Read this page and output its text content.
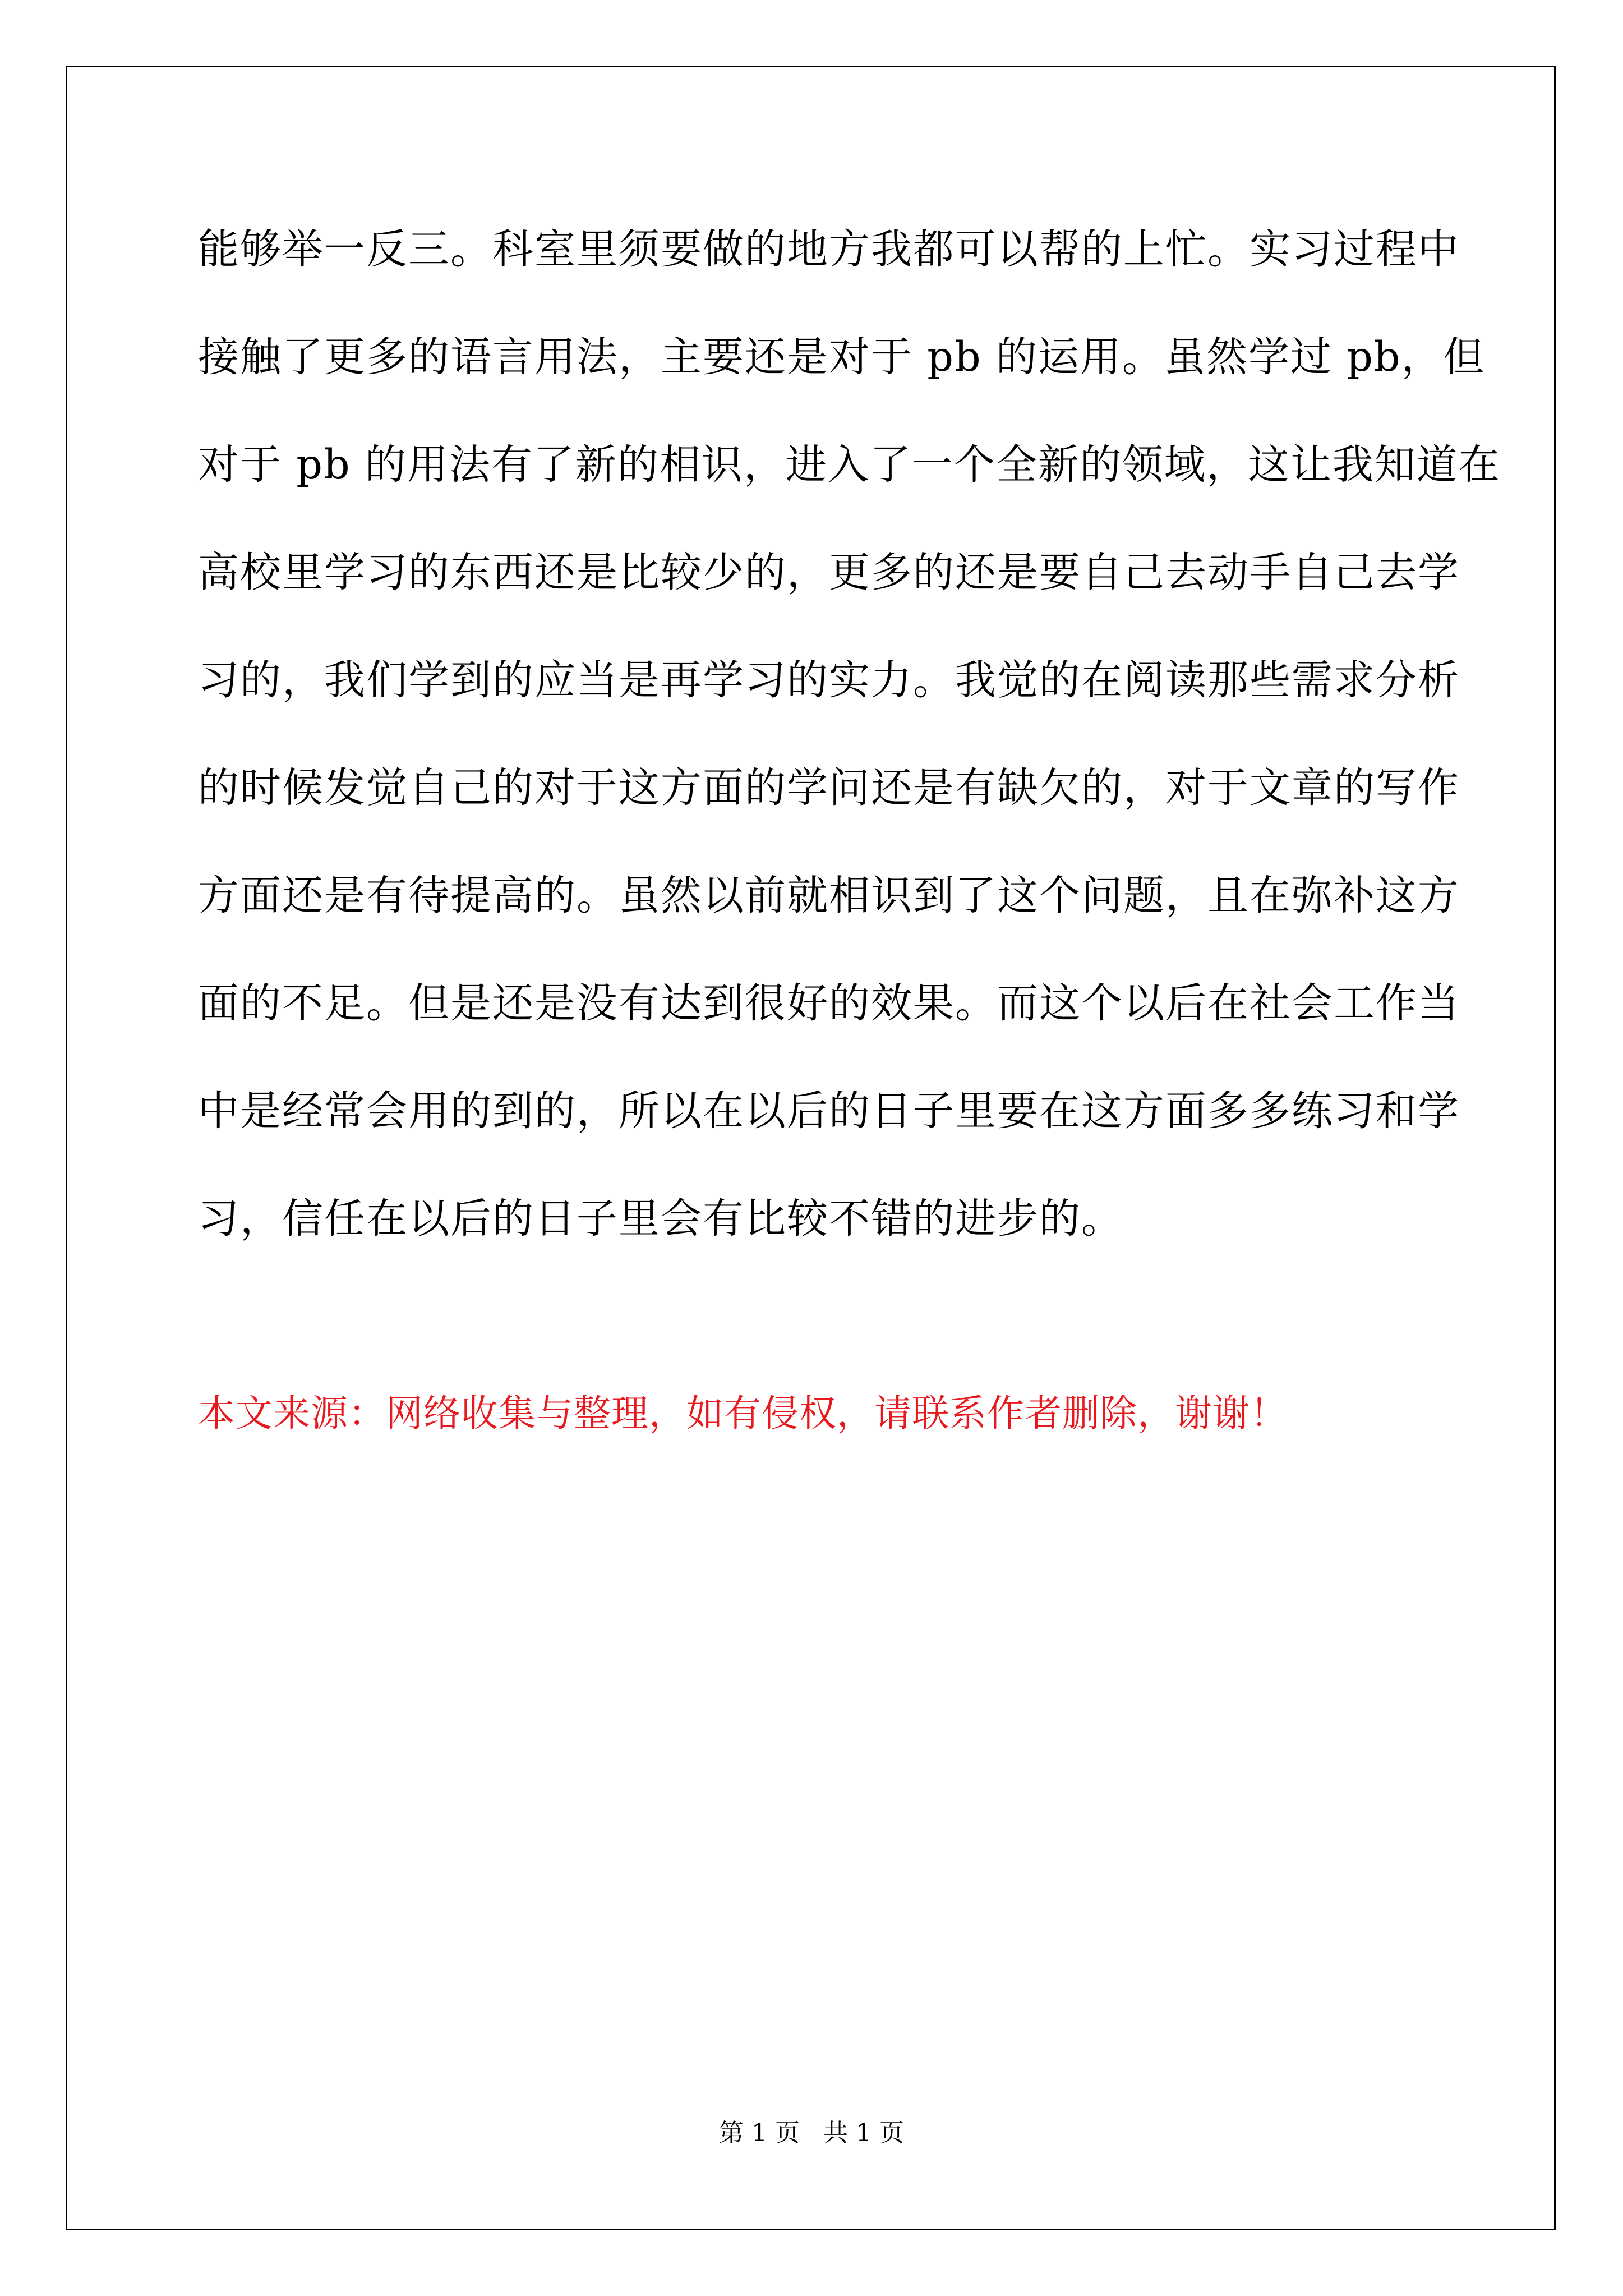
能够举一反三。科室里须要做的地方我都可以帮的上忙。实习过程中
接触了更多的语言用法，主要还是对于 pb 的运用。虽然学过 pb，但
对于 pb 的用法有了新的相识，进入了一个全新的领域，这让我知道在
高校里学习的东西还是比较少的，更多的还是要自己去动手自己去学
习的，我们学到的应当是再学习的实力。我觉的在阅读那些需求分析
的时候发觉自己的对于这方面的学问还是有缺欠的，对于文章的写作
方面还是有待提高的。虽然以前就相识到了这个问题，且在弥补这方
面的不足。但是还是没有达到很好的效果。而这个以后在社会工作当
中是经常会用的到的，所以在以后的日子里要在这方面多多练习和学
习，信任在以后的日子里会有比较不错的进步的。
本文来源：网络收集与整理，如有侵权，请联系作者删除，谢谢！
第 1 页   共 1 页
